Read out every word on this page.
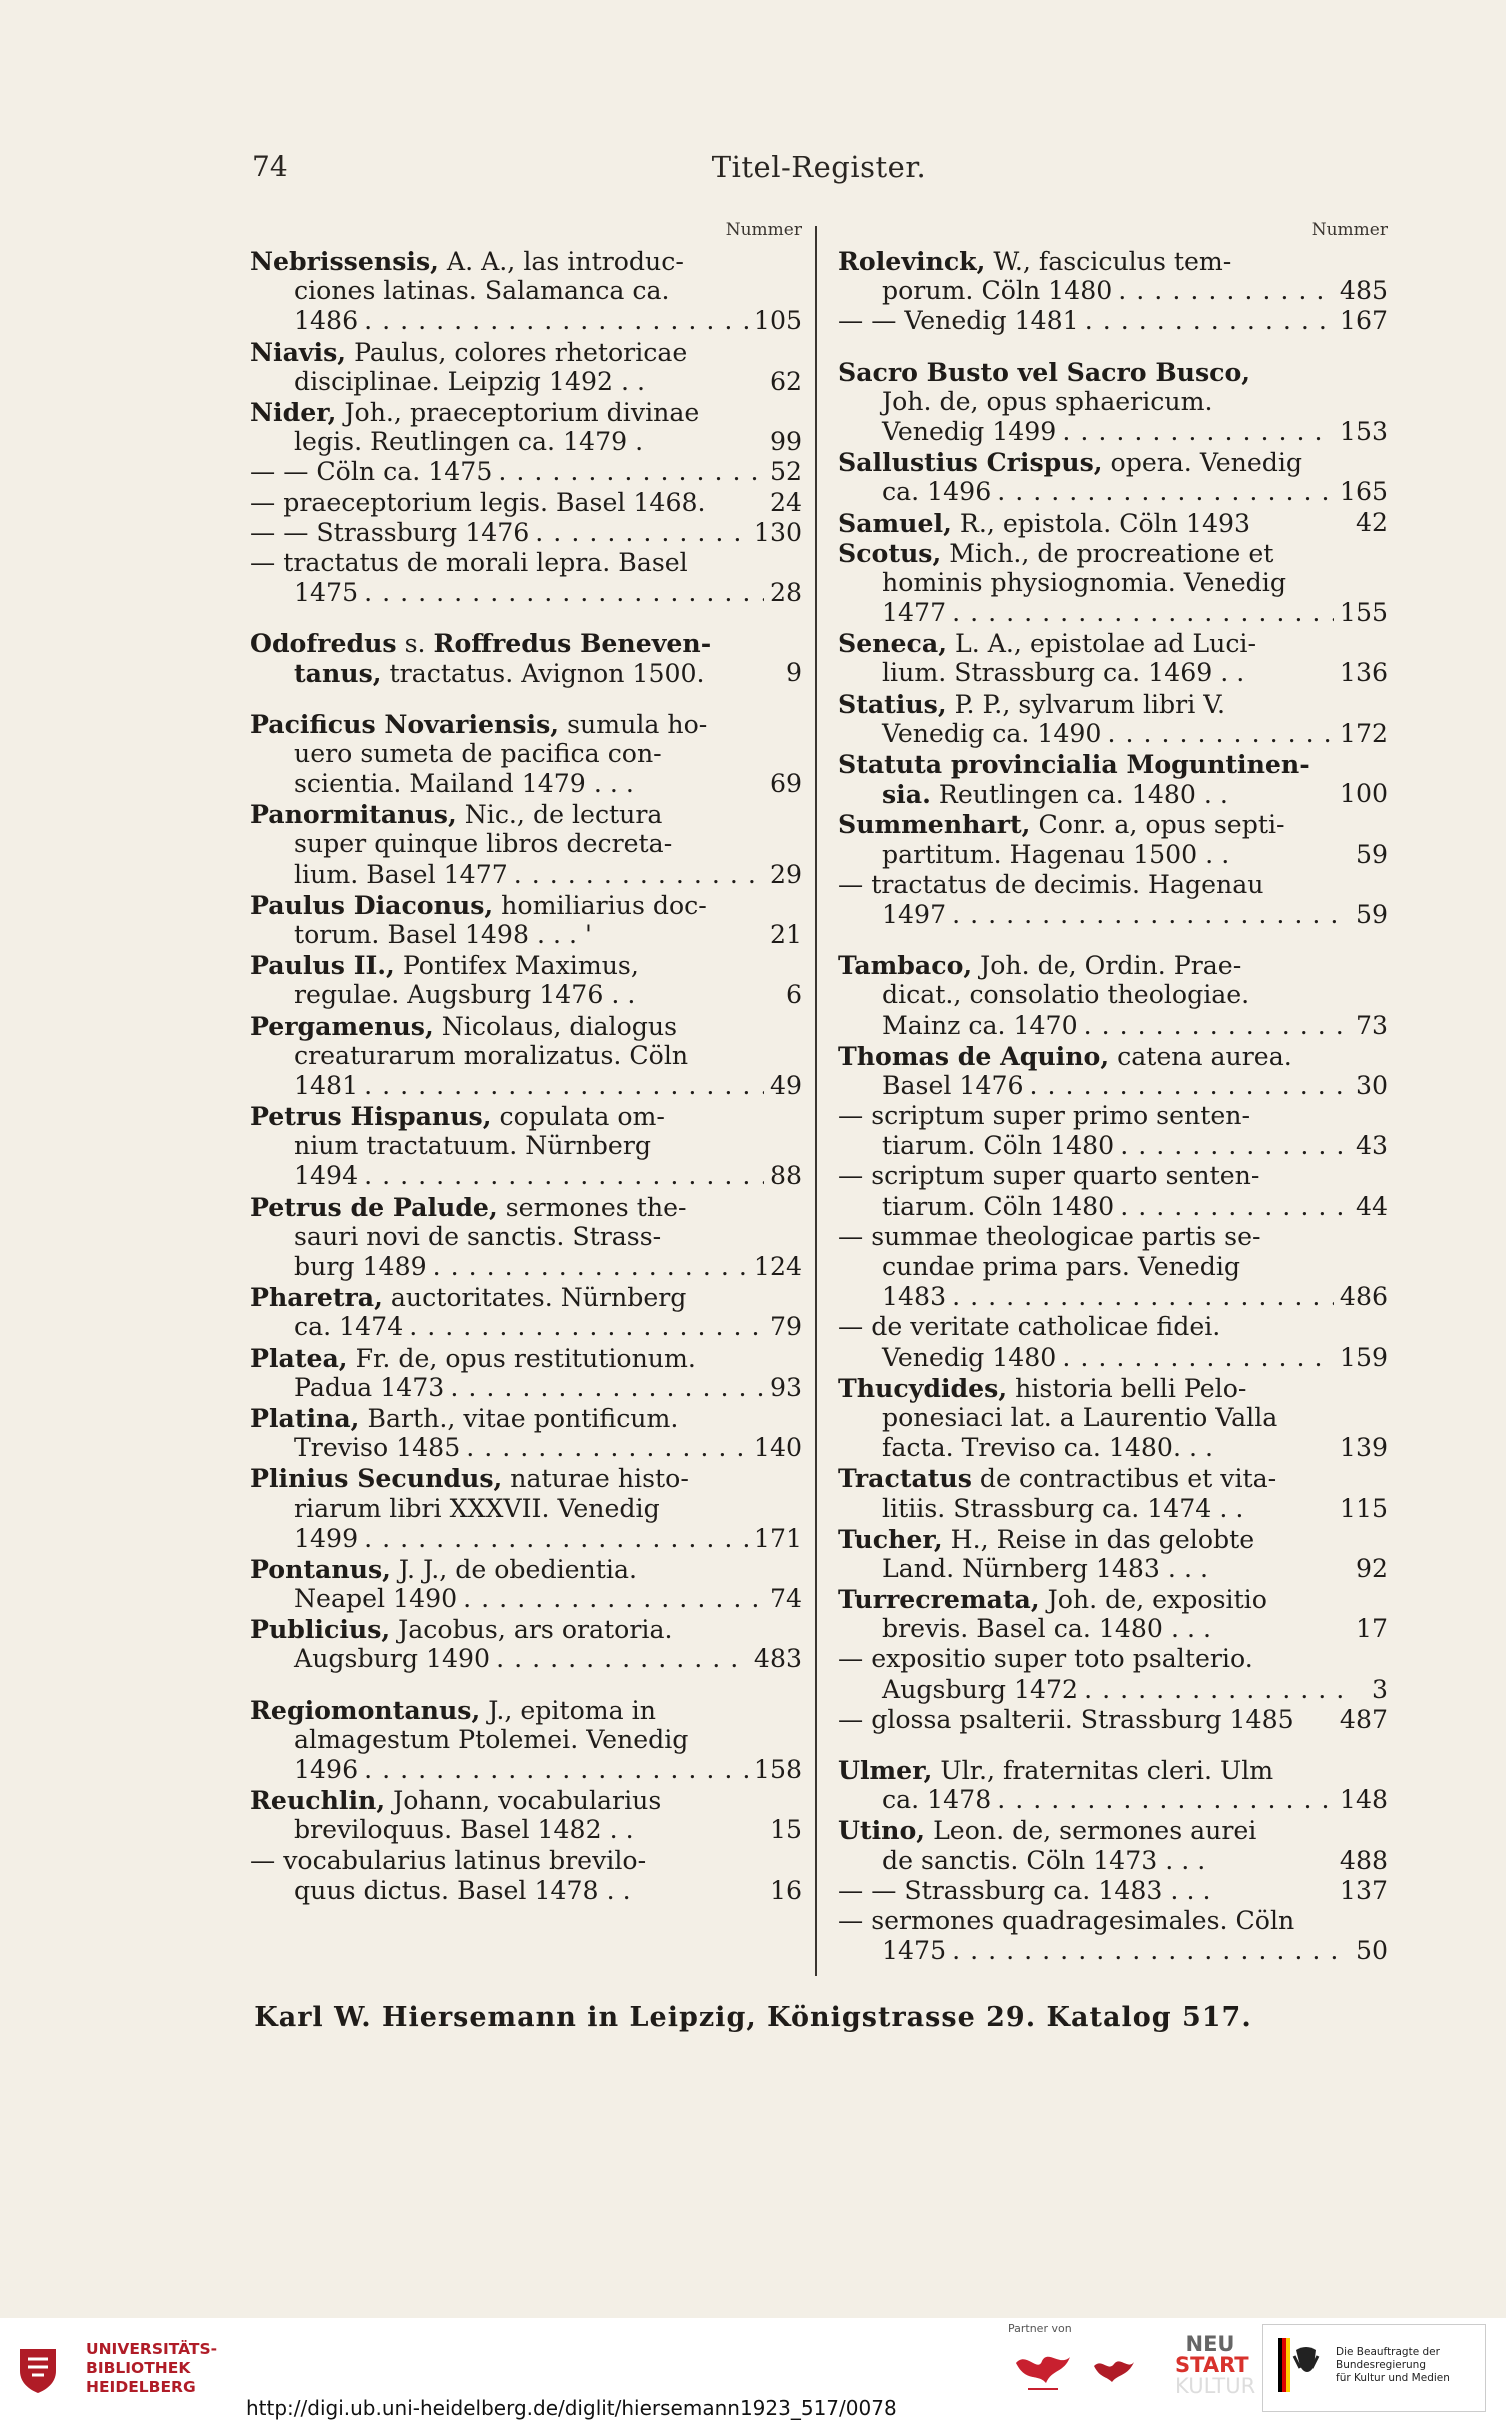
74	Titel-Register.
Nummer
Nebrissensis, A. A., las introduc-
ciones latinas. Salamanca ca.
1486 . . .	105
Niavis, Paulus, colores rhetoricae
disciplinae. Leipzig 1492 . .	62
Nider, Joh., praeceptorium divinae
legis. Reutlingen ca. 1479 .	99
— — Cöln ca. 1475 . . .	52
— praeceptorium legis. Basel 1468.	24
— — Strassburg 1476 . . .	130
— tractatus de morali lepra. Basel
1475 . . .	28
Odofredus s. Roffredus Beneven-
tanus, tractatus. Avignon 1500.	9
Pacificus Novariensis, sumula ho-
uero sumeta de pacifica con-
scientia. Mailand 1479 . . .	69
Panormitanus, Nic., de lectura
super quinque libros decreta-
lium. Basel 1477 . . .	29
Paulus Diaconus, homiliarius doc-
torum. Basel 1498 . . . '	21
Paulus II., Pontifex Maximus,
regulae. Augsburg 1476 . .	6
Pergamenus, Nicolaus, dialogus
creaturarum moralizatus. Cöln
1481 . . .	49
Petrus Hispanus, copulata om-
nium tractatuum. Nürnberg
1494 . . .	88
Petrus de Palude, sermones the-
sauri novi de sanctis. Strass-
burg 1489 . . .	124
Pharetra, auctoritates. Nürnberg
ca. 1474 . . .	79
Platea, Fr. de, opus restitutionum.
Padua 1473 . . .	93
Platina, Barth., vitae pontificum.
Treviso 1485 . . .	140
Plinius Secundus, naturae histo-
riarum libri XXXVII. Venedig
1499 . . .	171
Pontanus, J. J., de obedientia.
Neapel 1490 . . .	74
Publicius, Jacobus, ars oratoria.
Augsburg 1490 . . .	483
Regiomontanus, J., epitoma in
almagestum Ptolemei. Venedig
1496 . . .	158
Reuchlin, Johann, vocabularius
breviloquus. Basel 1482 . .	15
— vocabularius latinus brevilo-
quus dictus. Basel 1478 . .	16
Nummer
Rolevinck, W., fasciculus tem-
porum. Cöln 1480 . . .	485
— — Venedig 1481 . . .	167
Sacro Busto vel Sacro Busco,
Joh. de, opus sphaericum.
Venedig 1499 . . .	153
Sallustius Crispus, opera. Venedig
ca. 1496 . . .	165
Samuel, R., epistola. Cöln 1493	42
Scotus, Mich., de procreatione et
hominis physiognomia. Venedig
1477 . . .	155
Seneca, L. A., epistolae ad Luci-
lium. Strassburg ca. 1469 . .	136
Statius, P. P., sylvarum libri V.
Venedig ca. 1490 . . .	172
Statuta provincialia Moguntinen-
sia. Reutlingen ca. 1480 . .	100
Summenhart, Conr. a, opus septi-
partitum. Hagenau 1500 . .	59
— tractatus de decimis. Hagenau
1497 . . .	59
Tambaco, Joh. de, Ordin. Prae-
dicat., consolatio theologiae.
Mainz ca. 1470 . . .	73
Thomas de Aquino, catena aurea.
Basel 1476 . . .	30
— scriptum super primo senten-
tiarum. Cöln 1480 . . .	43
— scriptum super quarto senten-
tiarum. Cöln 1480 . . .	44
— summae theologicae partis se-
cundae prima pars. Venedig
1483 . . .	486
— de veritate catholicae fidei.
Venedig 1480 . . .	159
Thucydides, historia belli Pelo-
ponesiaci lat. a Laurentio Valla
facta. Treviso ca. 1480. . .	139
Tractatus de contractibus et vita-
litiis. Strassburg ca. 1474 . .	115
Tucher, H., Reise in das gelobte
Land. Nürnberg 1483 . . .	92
Turrecremata, Joh. de, expositio
brevis. Basel ca. 1480 . . .	17
— expositio super toto psalterio.
Augsburg 1472 . . .	3
— glossa psalterii. Strassburg 1485 487
Ulmer, Ulr., fraternitas cleri. Ulm
ca. 1478 . . .	148
Utino, Leon. de, sermones aurei
de sanctis. Cöln 1473 . . .	488
— — Strassburg ca. 1483 . . .	137
— sermones quadragesimales. Cöln
1475 . . .	50
Karl W. Hiersemann in Leipzig, Königstrasse 29. Katalog 517.
UNIVERSITÄTS-
BIBLIOTHEK
HEIDELBERG
Partner von
NEU
START
KULTUR
Die Beauftragte der Bundesregierung
für Kultur und Medien
http://digi.ub.uni-heidelberg.de/diglit/hiersemann1923_517/0078
